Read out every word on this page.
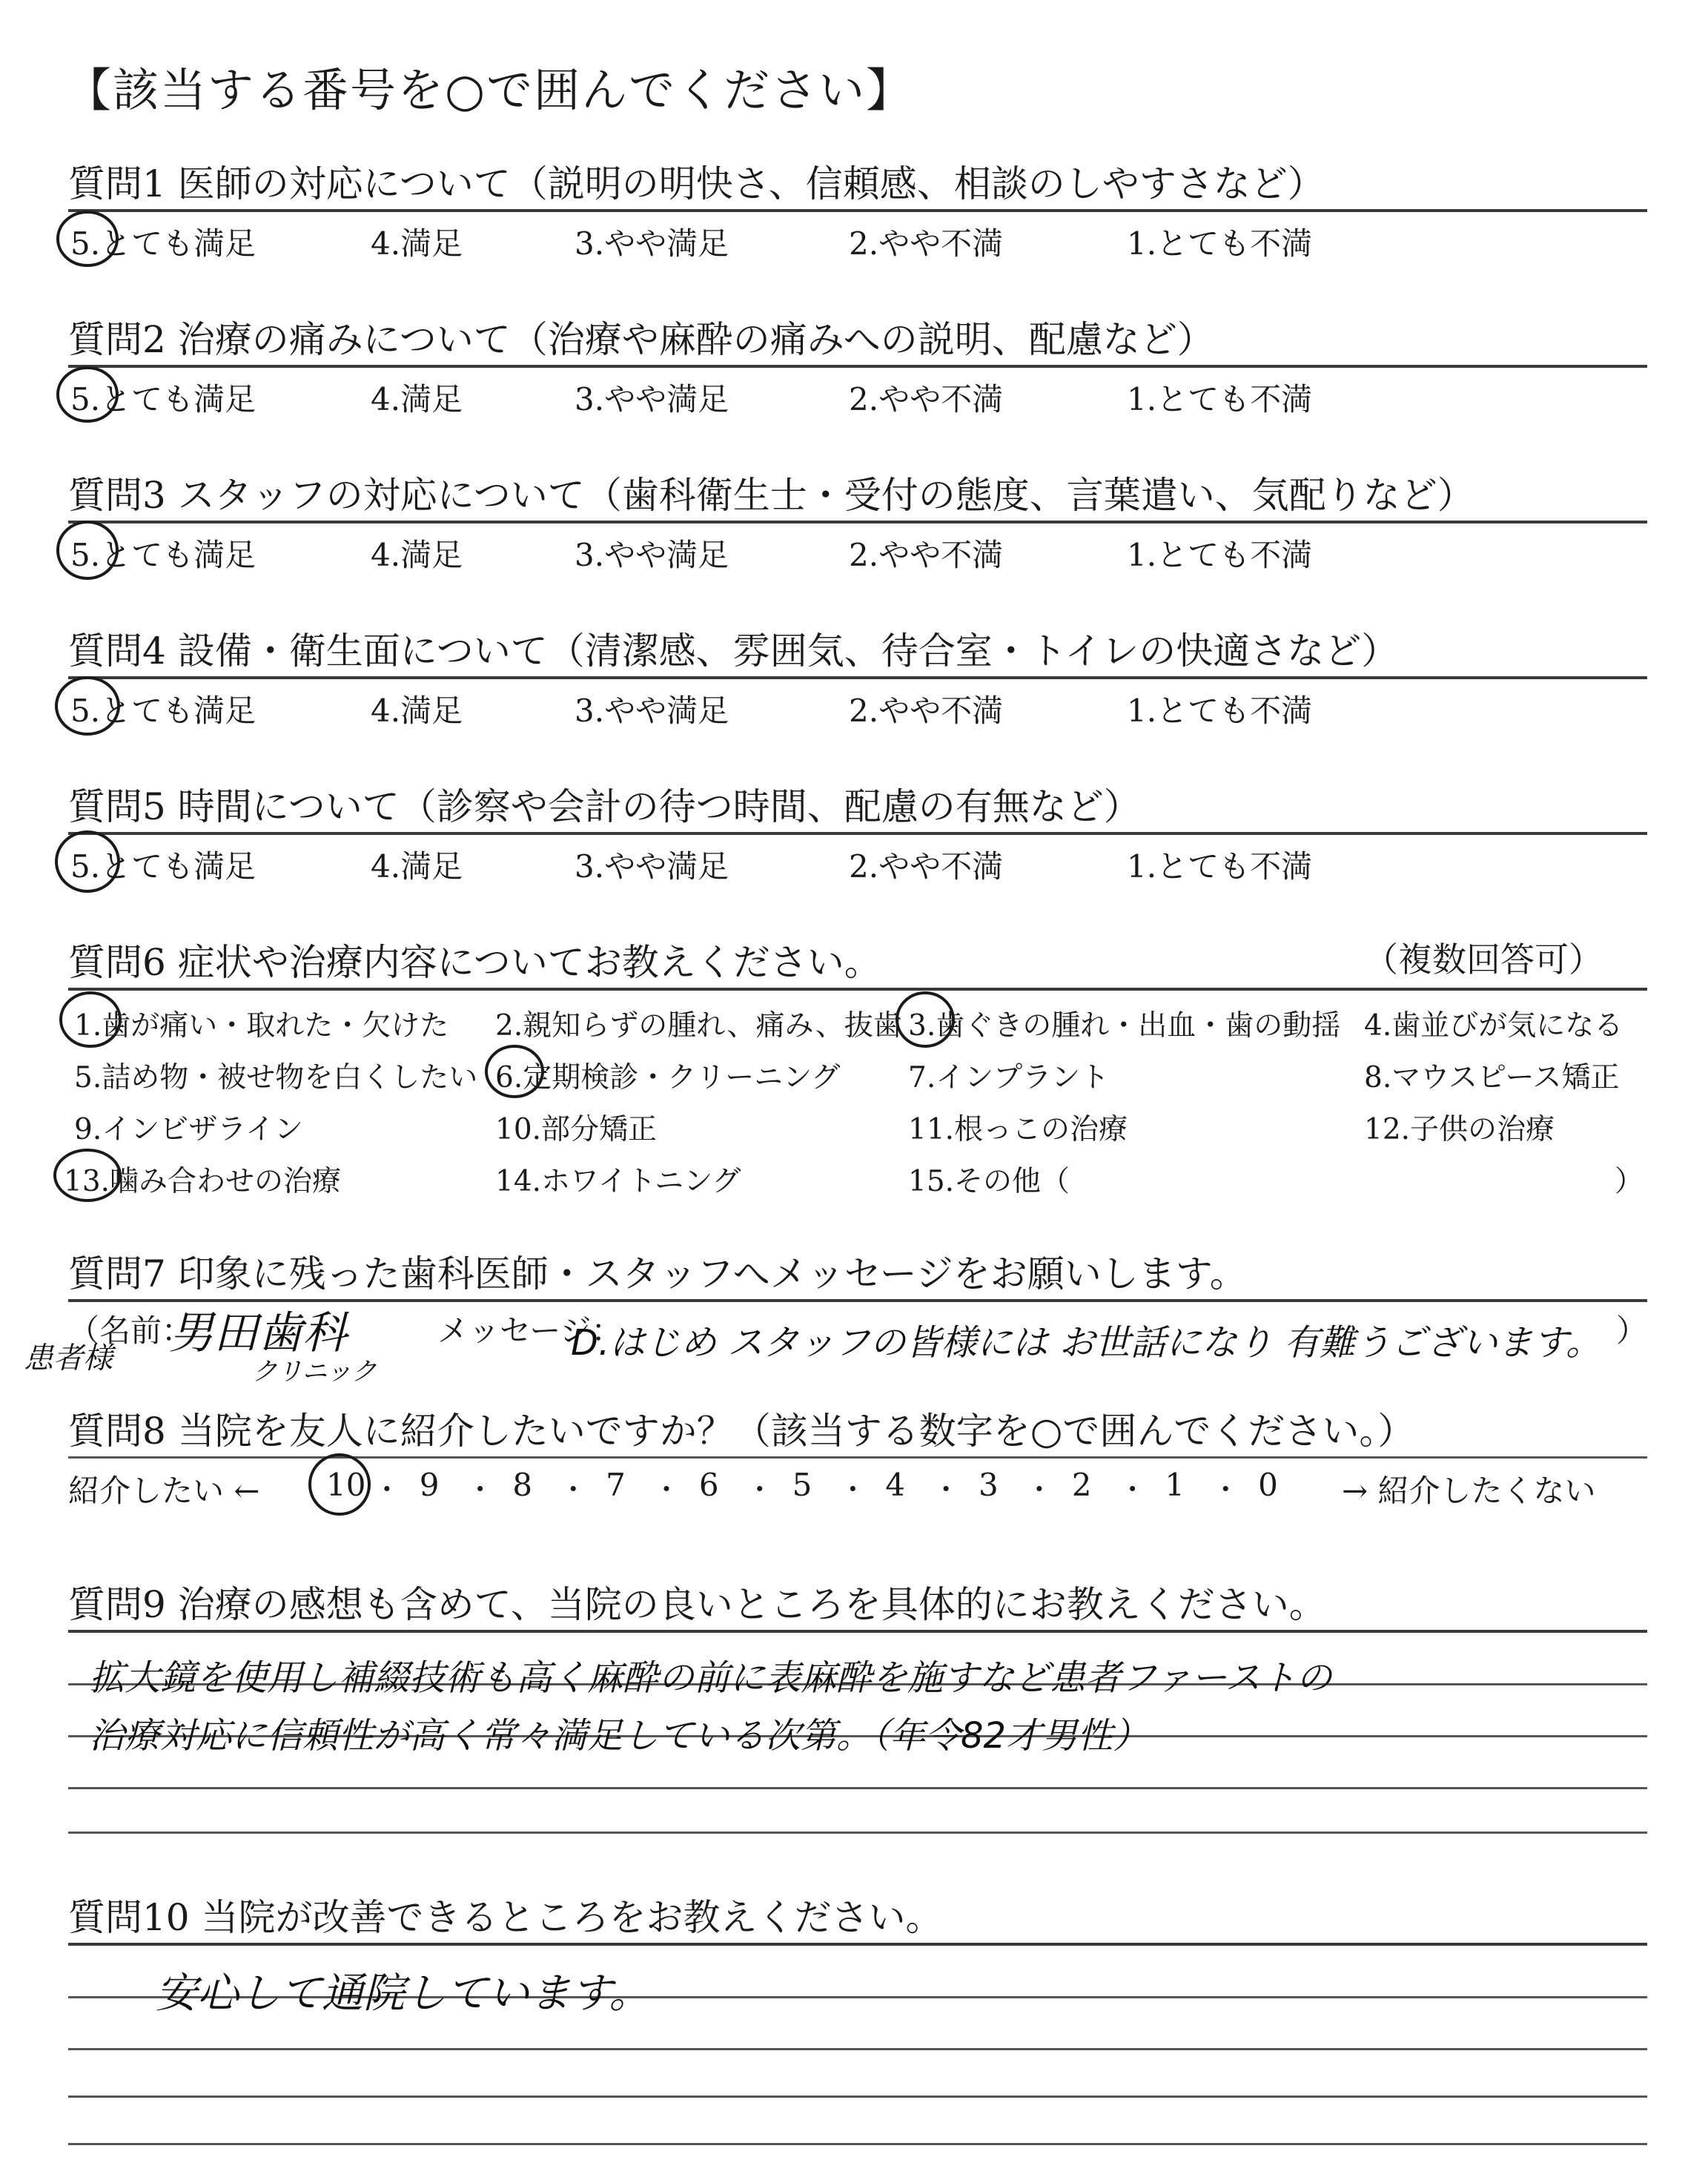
【該当する番号を○で囲んでください】
質問1 医師の対応について（説明の明快さ、信頼感、相談のしやすさなど）
5.とても満足	4.満足	3.やや満足	2.やや不満	1.とても不満
質問2 治療の痛みについて（治療や麻酔の痛みへの説明、配慮など）
5.とても満足	4.満足	3.やや満足	2.やや不満	1.とても不満
質問3 スタッフの対応について（歯科衛生士・受付の態度、言葉遣い、気配りなど）
5.とても満足	4.満足	3.やや満足	2.やや不満	1.とても不満
質問4 設備・衛生面について（清潔感、雰囲気、待合室・トイレの快適さなど）
5.とても満足	4.満足	3.やや満足	2.やや不満	1.とても不満
質問5 時間について（診察や会計の待つ時間、配慮の有無など）
5.とても満足	4.満足	3.やや満足	2.やや不満	1.とても不満
質問6 症状や治療内容についてお教えください。	（複数回答可）
1.歯が痛い・取れた・欠けた 2.親知らずの腫れ、痛み、抜歯 3.歯ぐきの腫れ・出血・歯の動揺 4.歯並びが気になる
5.詰め物・被せ物を白くしたい 6.定期検診・クリーニング 7.インプラント	8.マウスピース矯正
9.インビザライン	10.部分矯正	11.根っこの治療	12.子供の治療
13.噛み合わせの治療	14.ホワイトニング	15.その他（	）
質問7 印象に残った歯科医師・スタッフへメッセージをお願いします。
（名前：	メッセージ：	）
男田歯科
クリニック
患者様	D.はじめ スタッフの皆様には お世話になり 有難うございます。
質問8 当院を友人に紹介したいですか？（該当する数字を○で囲んでください。）
紹介したい ←	→ 紹介したくない
10 ・ 9 ・ 8 ・ 7 ・ 6 ・ 5 ・ 4 ・ 3 ・ 2 ・ 1 ・ 0
質問9 治療の感想も含めて、当院の良いところを具体的にお教えください。
拡大鏡を使用し補綴技術も高く麻酔の前に表麻酔を施すなど患者ファーストの
治療対応に信頼性が高く常々満足している次第。（年令82才男性）
質問10 当院が改善できるところをお教えください。
安心して通院しています。
